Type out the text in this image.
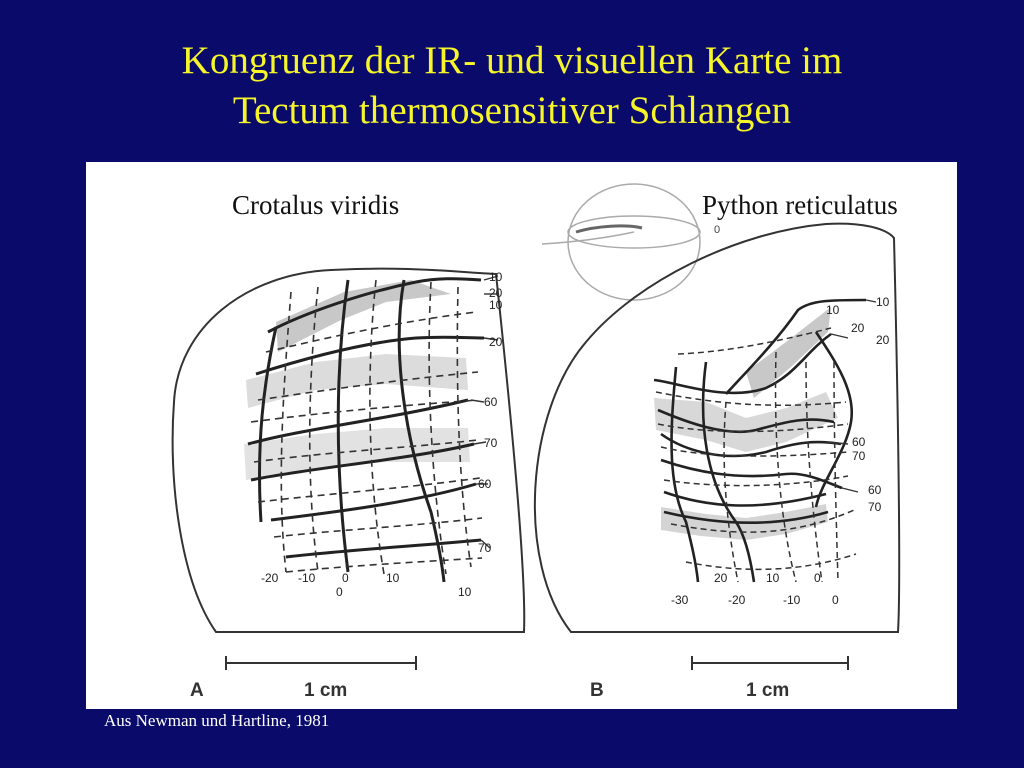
Kongruenz der IR- und visuellen Karte im
Tectum thermosensitiver Schlangen
10
20
10
20
60
70
60
70
-20 -10 0
0
10
10
A	1 cm
0
10
10
20
20
60
70
60
70
-30
20
-20
10
-10
0
0
B	1 cm
Crotalus viridis	Python reticulatus
Aus Newman und Hartline, 1981
